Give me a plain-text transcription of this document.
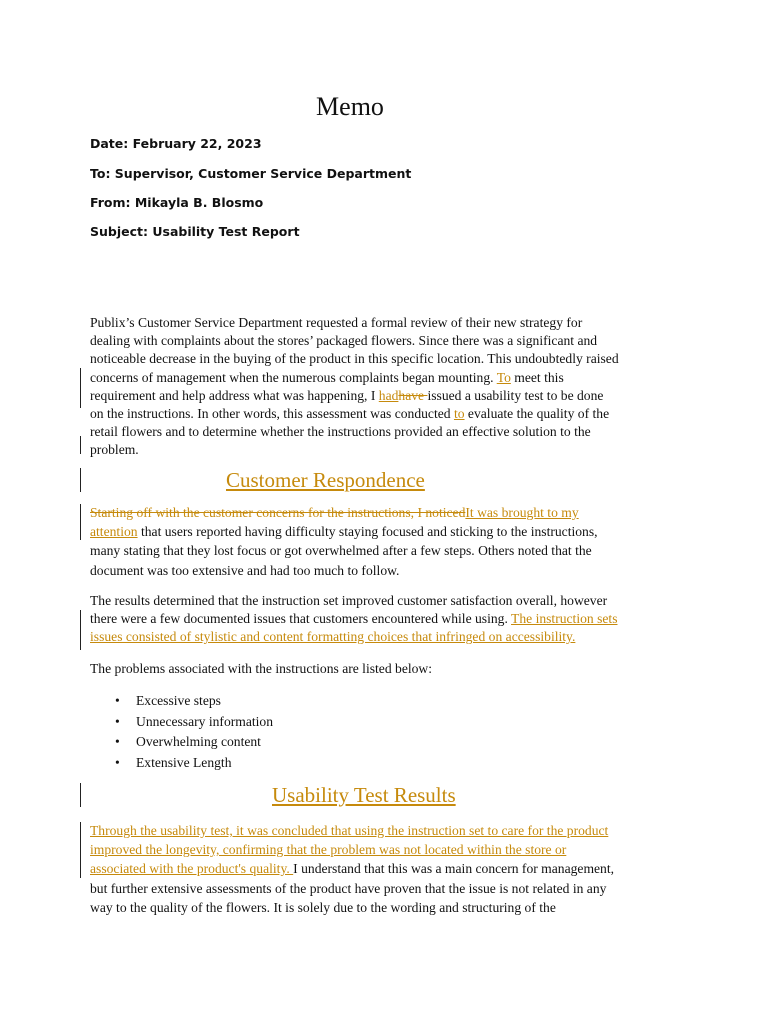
Memo
Date: February 22, 2023
To: Supervisor, Customer Service Department
From: Mikayla B. Blosmo
Subject: Usability Test Report
Publix’s Customer Service Department requested a formal review of their new strategy for
dealing with complaints about the stores’ packaged flowers. Since there was a significant and
noticeable decrease in the buying of the product in this specific location. This undoubtedly raised
concerns of management when the numerous complaints began mounting. To meet this
requirement and help address what was happening, I hadhave issued a usability test to be done
on the instructions. In other words, this assessment was conducted to evaluate the quality of the
retail flowers and to determine whether the instructions provided an effective solution to the
problem.
Customer Respondence
Starting off with the customer concerns for the instructions, I noticedIt was brought to my
attention that users reported having difficulty staying focused and sticking to the instructions,
many stating that they lost focus or got overwhelmed after a few steps. Others noted that the
document was too extensive and had too much to follow.
The results determined that the instruction set improved customer satisfaction overall, however
there were a few documented issues that customers encountered while using. The instruction sets
issues consisted of stylistic and content formatting choices that infringed on accessibility.
The problems associated with the instructions are listed below:
• Excessive steps
• Unnecessary information
• Overwhelming content
• Extensive Length
Usability Test Results
Through the usability test, it was concluded that using the instruction set to care for the product
improved the longevity, confirming that the problem was not located within the store or
associated with the product's quality. I understand that this was a main concern for management,
but further extensive assessments of the product have proven that the issue is not related in any
way to the quality of the flowers. It is solely due to the wording and structuring of the
